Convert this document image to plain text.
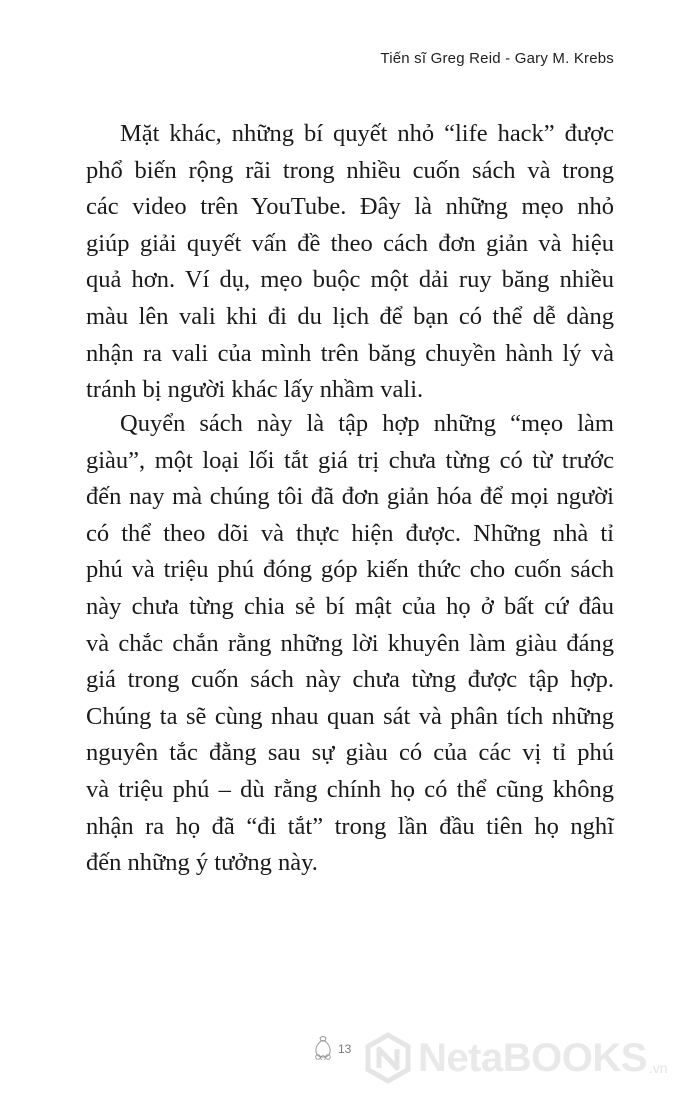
Tiến sĩ Greg Reid - Gary M. Krebs
Mặt khác, những bí quyết nhỏ “life hack” được
phổ biến rộng rãi trong nhiều cuốn sách và trong
các video trên YouTube. Đây là những mẹo nhỏ
giúp giải quyết vấn đề theo cách đơn giản và hiệu
quả hơn. Ví dụ, mẹo buộc một dải ruy băng nhiều
màu lên vali khi đi du lịch để bạn có thể dễ dàng
nhận ra vali của mình trên băng chuyền hành lý và
tránh bị người khác lấy nhầm vali.
Quyển sách này là tập hợp những “mẹo làm
giàu”, một loại lối tắt giá trị chưa từng có từ trước
đến nay mà chúng tôi đã đơn giản hóa để mọi người
có thể theo dõi và thực hiện được. Những nhà tỉ
phú và triệu phú đóng góp kiến thức cho cuốn sách
này chưa từng chia sẻ bí mật của họ ở bất cứ đâu
và chắc chắn rằng những lời khuyên làm giàu đáng
giá trong cuốn sách này chưa từng được tập hợp.
Chúng ta sẽ cùng nhau quan sát và phân tích những
nguyên tắc đằng sau sự giàu có của các vị tỉ phú
và triệu phú – dù rằng chính họ có thể cũng không
nhận ra họ đã “đi tắt” trong lần đầu tiên họ nghĩ
đến những ý tưởng này.
13 NetaBOOKS .vn
